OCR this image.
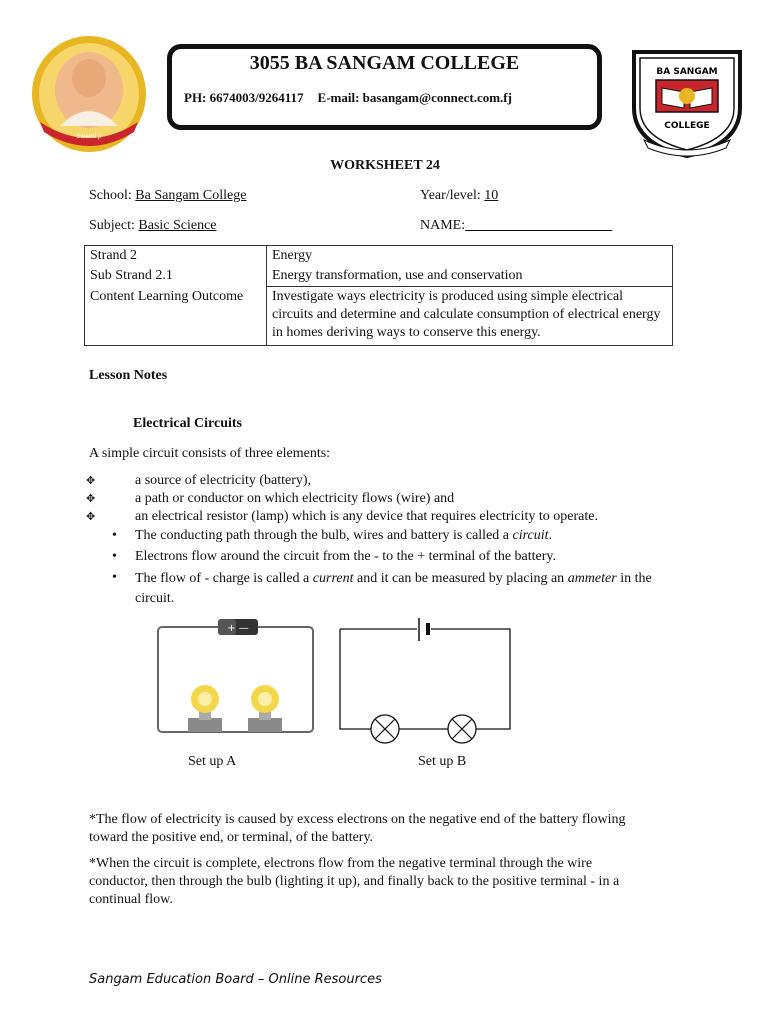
Swami Ji
3055 BA SANGAM COLLEGE
PH: 6674003/9264117 E-mail: basangam@connect.com.fj
BA SANGAM
COLLEGE
WORKSHEET 24
School: Ba Sangam College	Year/level: 10
Subject: Basic Science	NAME:  ____________________
Strand 2	Energy
Sub Strand 2.1	Energy transformation, use and conservation
Content Learning Outcome	Investigate ways electricity is produced using simple electrical circuits and determine and calculate consumption of electrical energy in homes deriving ways to conserve this energy.
Lesson Notes
Electrical Circuits
A simple circuit consists of three elements:
✥	a source of electricity (battery),
✥	a path or conductor on which electricity flows (wire) and
✥	an electrical resistor (lamp) which is any device that requires electricity to operate.
• The conducting path through the bulb, wires and battery is called a circuit.
• Electrons flow around the circuit from the - to the + terminal of the battery.
• The flow of - charge is called a current and it can be measured by placing an ammeter in the circuit.
+ —
Set up A	Set up B
*The flow of electricity is caused by excess electrons on the negative end of the battery flowing toward the positive end, or terminal, of the battery.
*When the circuit is complete, electrons flow from the negative terminal through the wire conductor, then through the bulb (lighting it up), and finally back to the positive terminal - in a continual flow.
Sangam Education Board – Online Resources
